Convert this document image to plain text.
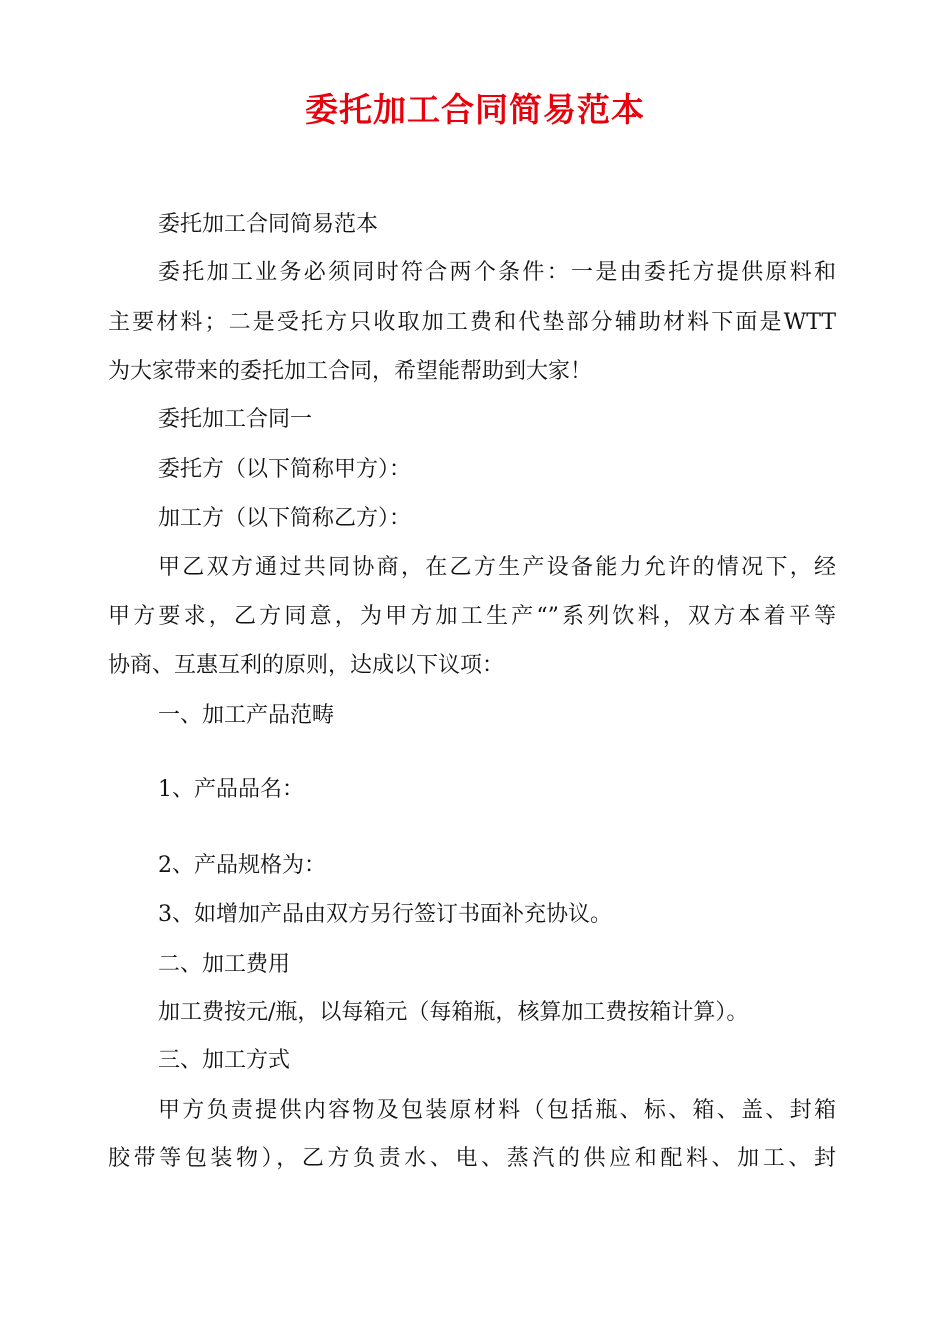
委托加工合同简易范本

委托加工合同简易范本

委托加工业务必须同时符合两个条件：一是由委托方提供原料和

主要材料；二是受托方只收取加工费和代垫部分辅助材料下面是WTT

为大家带来的委托加工合同，希望能帮助到大家！

委托加工合同一

委托方（以下简称甲方）：

加工方（以下简称乙方）：

甲乙双方通过共同协商，在乙方生产设备能力允许的情况下，经

甲方要求，乙方同意，为甲方加工生产“”系列饮料，双方本着平等

协商、互惠互利的原则，达成以下议项：

一、加工产品范畴

1、产品品名：

2、产品规格为：

3、如增加产品由双方另行签订书面补充协议。

二、加工费用

加工费按元/瓶，以每箱元（每箱瓶，核算加工费按箱计算）。

三、加工方式

甲方负责提供内容物及包装原材料（包括瓶、标、箱、盖、封箱

胶带等包装物），乙方负责水、电、蒸汽的供应和配料、加工、封
